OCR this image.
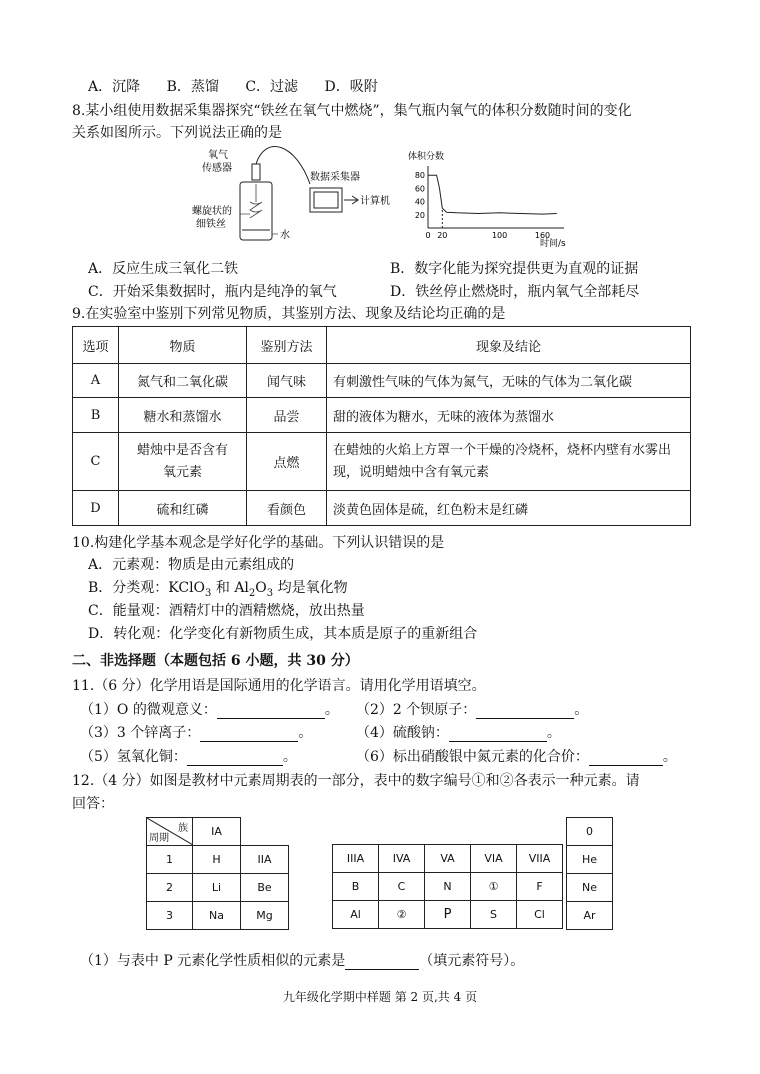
A．沉降 B．蒸馏 C．过滤 D．吸附
8.某小组使用数据采集器探究“铁丝在氧气中燃烧”，集气瓶内氧气的体积分数随时间的变化
关系如图所示。下列说法正确的是
氧气
传感器
螺旋状的
细铁丝
水
数据采集器
计算机
体积分数
时间/s
80
60
40
20
0 20	100	160
A．反应生成三氧化二铁	B．数字化能为探究提供更为直观的证据
C．开始采集数据时，瓶内是纯净的氧气	D．铁丝停止燃烧时，瓶内氧气全部耗尽
9.在实验室中鉴别下列常见物质，其鉴别方法、现象及结论均正确的是
选项	物质	鉴别方法	现象及结论
A	氮气和二氧化碳	闻气味	有刺激性气味的气体为氮气，无味的气体为二氧化碳
B	糖水和蒸馏水	品尝	甜的液体为糖水，无味的液体为蒸馏水
C	蜡烛中是否含有氧元素	点燃	在蜡烛的火焰上方罩一个干燥的冷烧杯，烧杯内壁有水雾出现，说明蜡烛中含有氧元素
D	硫和红磷	看颜色	淡黄色固体是硫，红色粉末是红磷
10.构建化学基本观念是学好化学的基础。下列认识错误的是
A．元素观：物质是由元素组成的
B．分类观：KClO$_3$ 和 $Al_2O_3$ 均是氧化物
C．能量观：酒精灯中的酒精燃烧，放出热量
D．转化观：化学变化有新物质生成，其本质是原子的重新组合
二、非选择题（本题包括 6 小题，共 30 分）
11.（6 分）化学用语是国际通用的化学语言。请用化学用语填空。
（1）O 的微观意义：	。 （2）2 个钡原子：	。
（3）3 个锌离子：	。	（4）硫酸钠：	。
（5）氢氧化铜：	。	（6）标出硝酸银中氮元素的化合价：	。
12.（4 分）如图是教材中元素周期表的一部分，表中的数字编号①和②各表示一种元素。请
回答：
族
周期	IA	
1	H	IIA
2	Li	Be
3	Na	Mg
IIIA	IVA	VA	VIA	VIIA
B	C	N	①	F
Al	②	P	S	Cl
0
He
Ne
Ar
（1）与表中 P 元素化学性质相似的元素是	（填元素符号）。
九年级化学期中样题 第 2 页,共 4 页
